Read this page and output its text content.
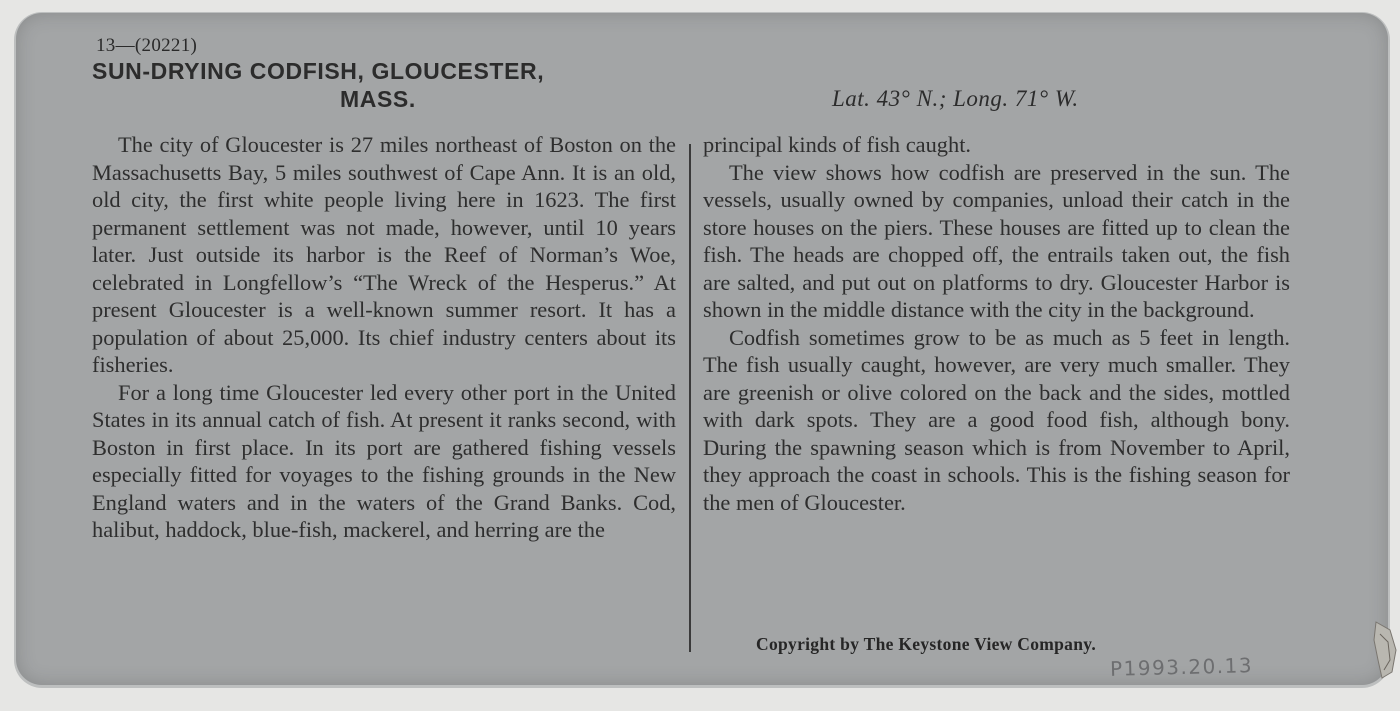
13—(20221)
SUN-DRYING CODFISH, GLOUCESTER,
MASS.	Lat. 43° N.; Long. 71° W.

The city of Gloucester is 27 miles northeast of Boston on the Massachusetts Bay, 5 miles southwest of Cape Ann. It is an old, old city, the first white people living here in 1623. The first permanent settlement was not made, however, until 10 years later. Just outside its harbor is the Reef of Norman’s Woe, celebrated in Longfellow’s “The Wreck of the Hesperus.” At present Gloucester is a well-known summer resort. It has a population of about 25,000. Its chief industry centers about its fisheries.

For a long time Gloucester led every other port in the United States in its annual catch of fish. At present it ranks second, with Boston in first place. In its port are gathered fishing vessels especially fitted for voyages to the fishing grounds in the New England waters and in the waters of the Grand Banks. Cod, halibut, haddock, blue-fish, mackerel, and herring are the

principal kinds of fish caught.

The view shows how codfish are preserved in the sun. The vessels, usually owned by companies, unload their catch in the store houses on the piers. These houses are fitted up to clean the fish. The heads are chopped off, the entrails taken out, the fish are salted, and put out on platforms to dry. Gloucester Harbor is shown in the middle distance with the city in the background.

Codfish sometimes grow to be as much as 5 feet in length. The fish usually caught, however, are very much smaller. They are greenish or olive colored on the back and the sides, mottled with dark spots. They are a good food fish, although bony. During the spawning season which is from November to April, they approach the coast in schools. This is the fishing season for the men of Gloucester.

Copyright by The Keystone View Company.
P1993.20.13
